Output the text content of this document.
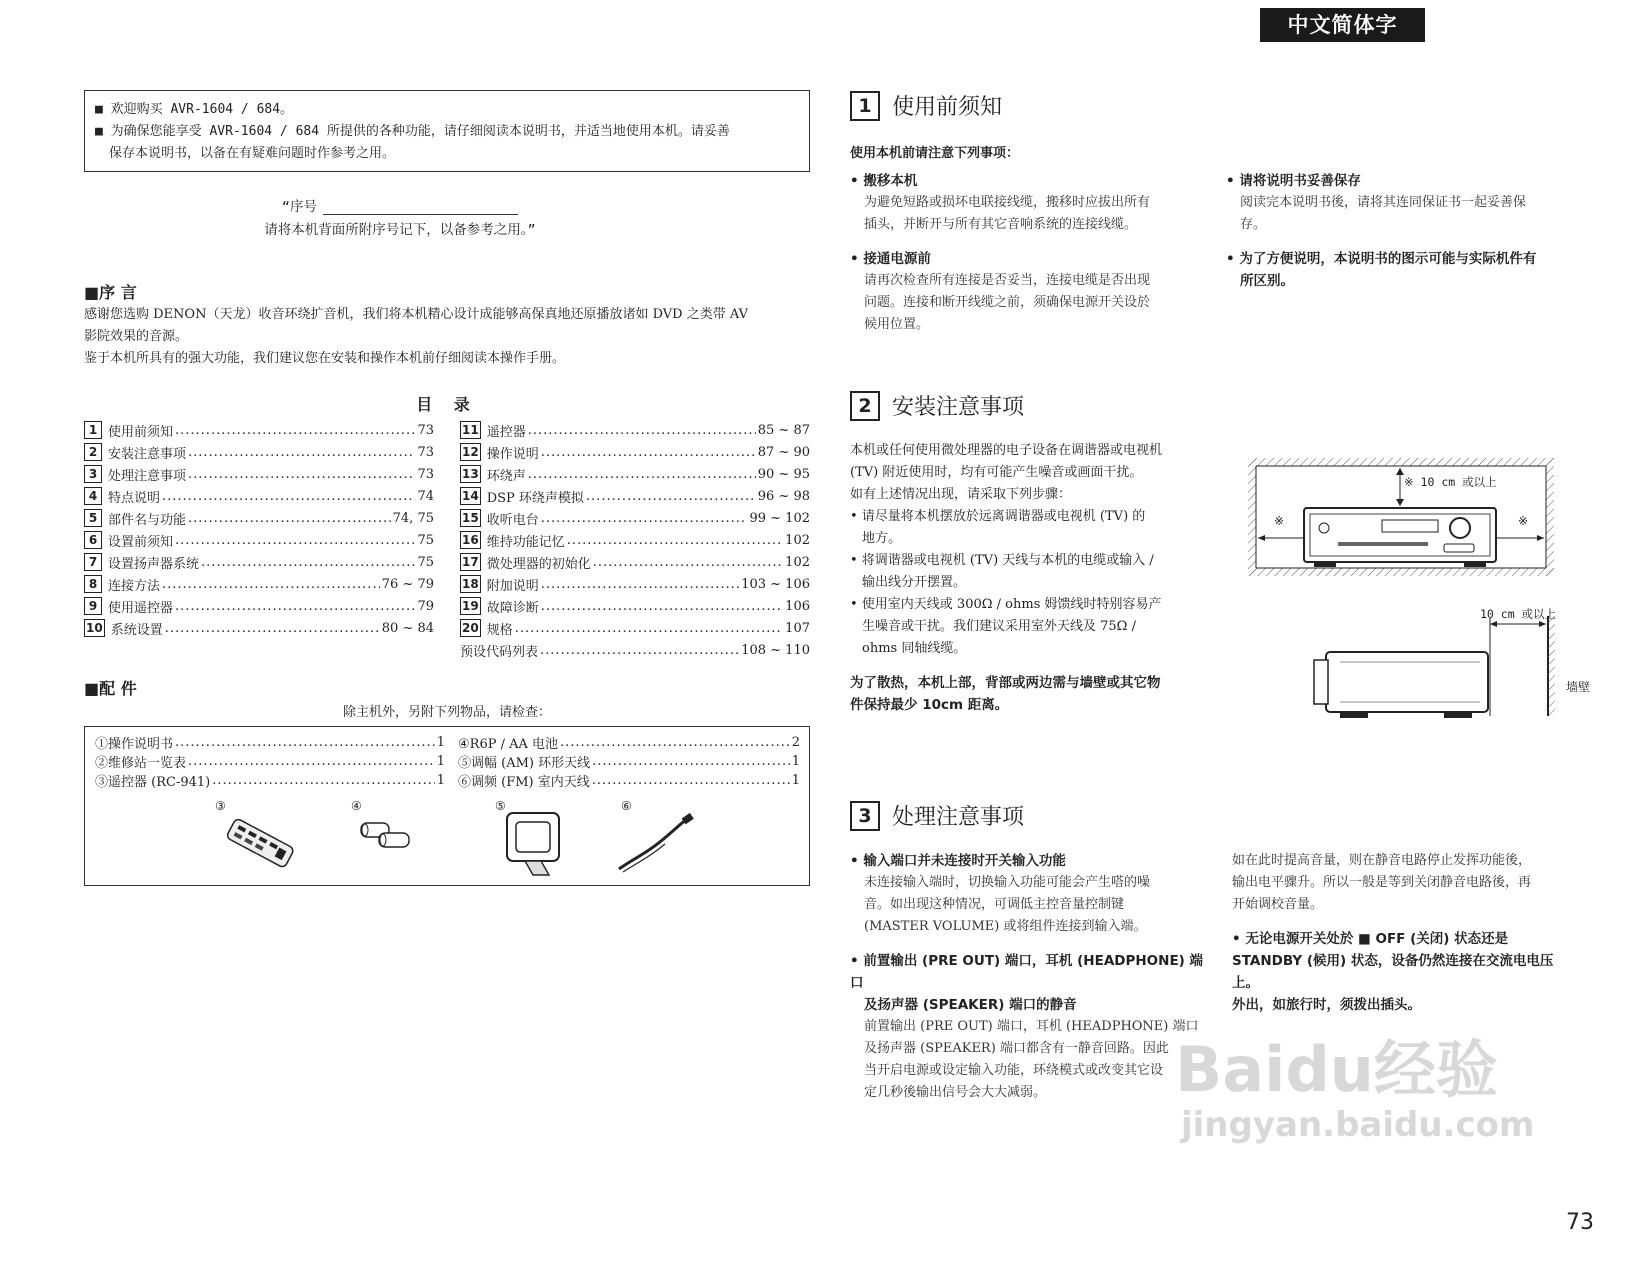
中文简体字

■ 欢迎购买 AVR-1604 / 684。

■ 为确保您能享受 AVR-1604 / 684 所提供的各种功能，请仔细阅读本说明书，并适当地使用本机。请妥善

保存本说明书，以备在有疑难问题时作参考之用。

“序号
请将本机背面所附序号记下，以备参考之用。”
■序 言
感谢您选购 DENON（天龙）收音环绕扩音机，我们将本机精心设计成能够高保真地还原播放诸如 DVD 之类带 AV
影院效果的音源。
鉴于本机所具有的强大功能，我们建议您在安装和操作本机前仔细阅读本操作手册。
目 录
1 使用前须知 .....	73
2 安装注意事项 .....	73
3 处理注意事项 .....	73
4 特点说明 .....	74
5 部件名与功能 .....	74, 75
6 设置前须知 .....	75
7 设置扬声器系统 .....	75
8 连接方法 .....	76 ~ 79
9 使用遥控器 .....	79
10 系统设置 .....	80 ~ 84
11 遥控器 .....	85 ~ 87
12 操作说明 .....	87 ~ 90
13 环绕声 .....	90 ~ 95
14 DSP 环绕声模拟 .....	96 ~ 98
15 收听电台 .....	99 ~ 102
16 维持功能记忆 .....	102
17 微处理器的初始化 .....	102
18 附加说明 .....	103 ~ 106
19 故障诊断 .....	106
20 规格 .....	107
预设代码列表 .....	108 ~ 110
■配 件
除主机外，另附下列物品，请检查：
①操作说明书 .....	1
②维修站一览表 .....	1
③遥控器 (RC-941) .....	1
④R6P / AA 电池 .....	2
⑤调幅 (AM) 环形天线 .....	1
⑥调频 (FM) 室内天线 .....	1
③	④	⑤	⑥
1 使用前须知
使用本机前请注意下列事项：
• 搬移本机
为避免短路或损坏电联接线缆，搬移时应拔出所有
插头，并断开与所有其它音响系统的连接线缆。
• 接通电源前
请再次检查所有连接是否妥当，连接电缆是否出现
问题。连接和断开线缆之前，须确保电源开关设於
候用位置。
• 请将说明书妥善保存
阅读完本说明书後，请将其连同保证书一起妥善保
存。
• 为了方便说明，本说明书的图示可能与实际机件有
所区别。
2 安装注意事项
本机或任何使用微处理器的电子设备在调谐器或电视机
(TV) 附近使用时，均有可能产生噪音或画面干扰。
如有上述情况出现，请采取下列步骤：
• 请尽量将本机摆放於远离调谐器或电视机 (TV) 的
地方。
• 将调谐器或电视机 (TV) 天线与本机的电缆或输入 /
输出线分开摆置。
• 使用室内天线或 300Ω / ohms 姆馈线时特别容易产
生噪音或干扰。我们建议采用室外天线及 75Ω /
ohms 同轴线缆。
为了散热，本机上部，背部或两边需与墙壁或其它物
件保持最少 10cm 距离。
※ 10 cm 或以上
※	※
10 cm 或以上
墙壁
3 处理注意事项
• 输入端口并未连接时开关输入功能
未连接输入端时，切换输入功能可能会产生嗒的噪
音。如出现这种情况，可调低主控音量控制键
(MASTER VOLUME) 或将组件连接到输入端。
• 前置输出 (PRE OUT) 端口，耳机 (HEADPHONE) 端口
及扬声器 (SPEAKER) 端口的静音
前置输出 (PRE OUT) 端口，耳机 (HEADPHONE) 端口
及扬声器 (SPEAKER) 端口都含有一静音回路。因此
当开启电源或设定输入功能，环绕模式或改变其它设
定几秒後输出信号会大大减弱。
如在此时提高音量，则在静音电路停止发挥功能後，
输出电平骤升。所以一般是等到关闭静音电路後，再
开始调校音量。
• 无论电源开关处於 ■ OFF (关闭) 状态还是
STANDBY (候用) 状态，设备仍然连接在交流电电压
上。
外出，如旅行时，须拨出插头。
Baidu经验
jingyan.baidu.com
73
